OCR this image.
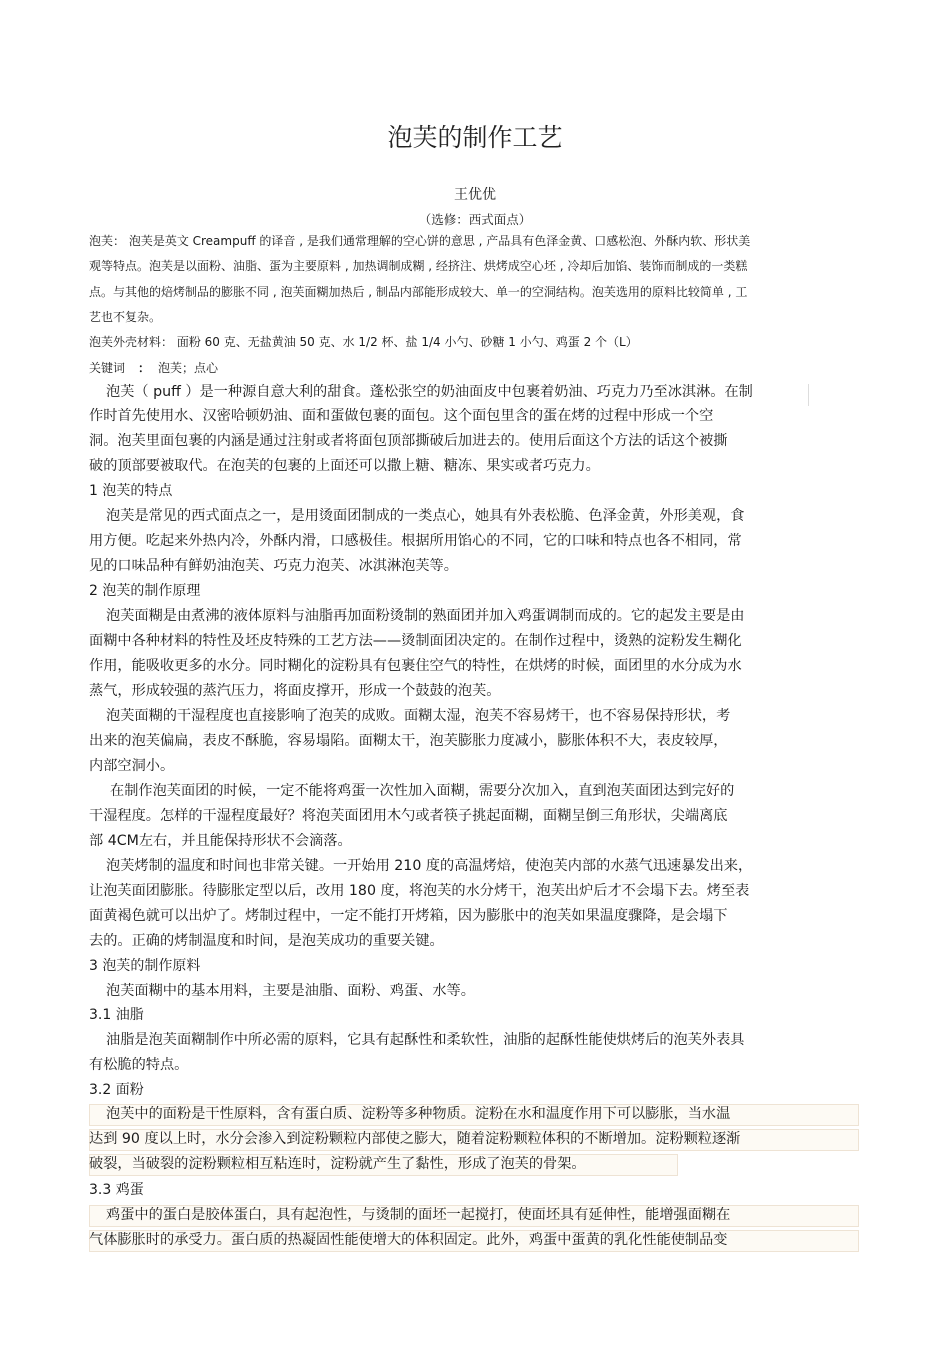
泡芙的制作工艺
王优优
（选修：西式面点）
泡芙： 泡芙是英文 Creampuff 的译音 , 是我们通常理解的空心饼的意思 , 产品具有色泽金黄、口感松泡、外酥内软、形状美
观等特点。泡芙是以面粉、油脂、蛋为主要原料 , 加热调制成糊 , 经挤注、烘烤成空心坯 , 冷却后加馅、装饰而制成的一类糕
点。与其他的焙烤制品的膨胀不同 , 泡芙面糊加热后 , 制品内部能形成较大、单一的空洞结构。泡芙选用的原料比较简单 , 工
艺也不复杂。
泡芙外壳材料： 面粉 60 克、无盐黄油 50 克、水 1/2 杯、盐 1/4 小勺、砂糖 1 小勺、鸡蛋 2 个（L）
关键词 ： 泡芙；点心
泡芙（ puff ）是一种源自意大利的甜食。蓬松张空的奶油面皮中包裹着奶油、巧克力乃至冰淇淋。在制
作时首先使用水、汉密哈顿奶油、面和蛋做包裹的面包。这个面包里含的蛋在烤的过程中形成一个空
洞。泡芙里面包裹的内涵是通过注射或者将面包顶部撕破后加进去的。使用后面这个方法的话这个被撕
破的顶部要被取代。在泡芙的包裹的上面还可以撒上糖、糖冻、果实或者巧克力。
1 泡芙的特点
泡芙是常见的西式面点之一，是用烫面团制成的一类点心，她具有外表松脆、色泽金黄，外形美观，食
用方便。吃起来外热内冷，外酥内滑，口感极佳。根据所用馅心的不同，它的口味和特点也各不相同，常
见的口味品种有鲜奶油泡芙、巧克力泡芙、冰淇淋泡芙等。
2 泡芙的制作原理
泡芙面糊是由煮沸的液体原料与油脂再加面粉烫制的熟面团并加入鸡蛋调制而成的。它的起发主要是由
面糊中各种材料的特性及坯皮特殊的工艺方法——烫制面团决定的。在制作过程中，烫熟的淀粉发生糊化
作用，能吸收更多的水分。同时糊化的淀粉具有包裹住空气的特性，在烘烤的时候，面团里的水分成为水
蒸气，形成较强的蒸汽压力，将面皮撑开，形成一个鼓鼓的泡芙。
泡芙面糊的干湿程度也直接影响了泡芙的成败。面糊太湿，泡芙不容易烤干，也不容易保持形状，考
出来的泡芙偏扁，表皮不酥脆，容易塌陷。面糊太干，泡芙膨胀力度减小，膨胀体积不大，表皮较厚，
内部空洞小。
在制作泡芙面团的时候，一定不能将鸡蛋一次性加入面糊，需要分次加入，直到泡芙面团达到完好的
干湿程度。怎样的干湿程度最好？将泡芙面团用木勺或者筷子挑起面糊，面糊呈倒三角形状，尖端离底
部 4CM左右，并且能保持形状不会滴落。
泡芙烤制的温度和时间也非常关键。一开始用 210 度的高温烤焙，使泡芙内部的水蒸气迅速暴发出来，
让泡芙面团膨胀。待膨胀定型以后，改用 180 度，将泡芙的水分烤干，泡芙出炉后才不会塌下去。烤至表
面黄褐色就可以出炉了。烤制过程中，一定不能打开烤箱，因为膨胀中的泡芙如果温度骤降，是会塌下
去的。正确的烤制温度和时间，是泡芙成功的重要关键。
3 泡芙的制作原料
泡芙面糊中的基本用料，主要是油脂、面粉、鸡蛋、水等。
3.1 油脂
油脂是泡芙面糊制作中所必需的原料，它具有起酥性和柔软性，油脂的起酥性能使烘烤后的泡芙外表具
有松脆的特点。
3.2 面粉
泡芙中的面粉是干性原料，含有蛋白质、淀粉等多种物质。淀粉在水和温度作用下可以膨胀，当水温
达到 90 度以上时，水分会渗入到淀粉颗粒内部使之膨大，随着淀粉颗粒体积的不断增加。淀粉颗粒逐渐
破裂，当破裂的淀粉颗粒相互粘连时，淀粉就产生了黏性，形成了泡芙的骨架。
3.3 鸡蛋
鸡蛋中的蛋白是胶体蛋白，具有起泡性，与烫制的面坯一起搅打，使面坯具有延伸性，能增强面糊在
气体膨胀时的承受力。蛋白质的热凝固性能使增大的体积固定。此外，鸡蛋中蛋黄的乳化性能使制品变
